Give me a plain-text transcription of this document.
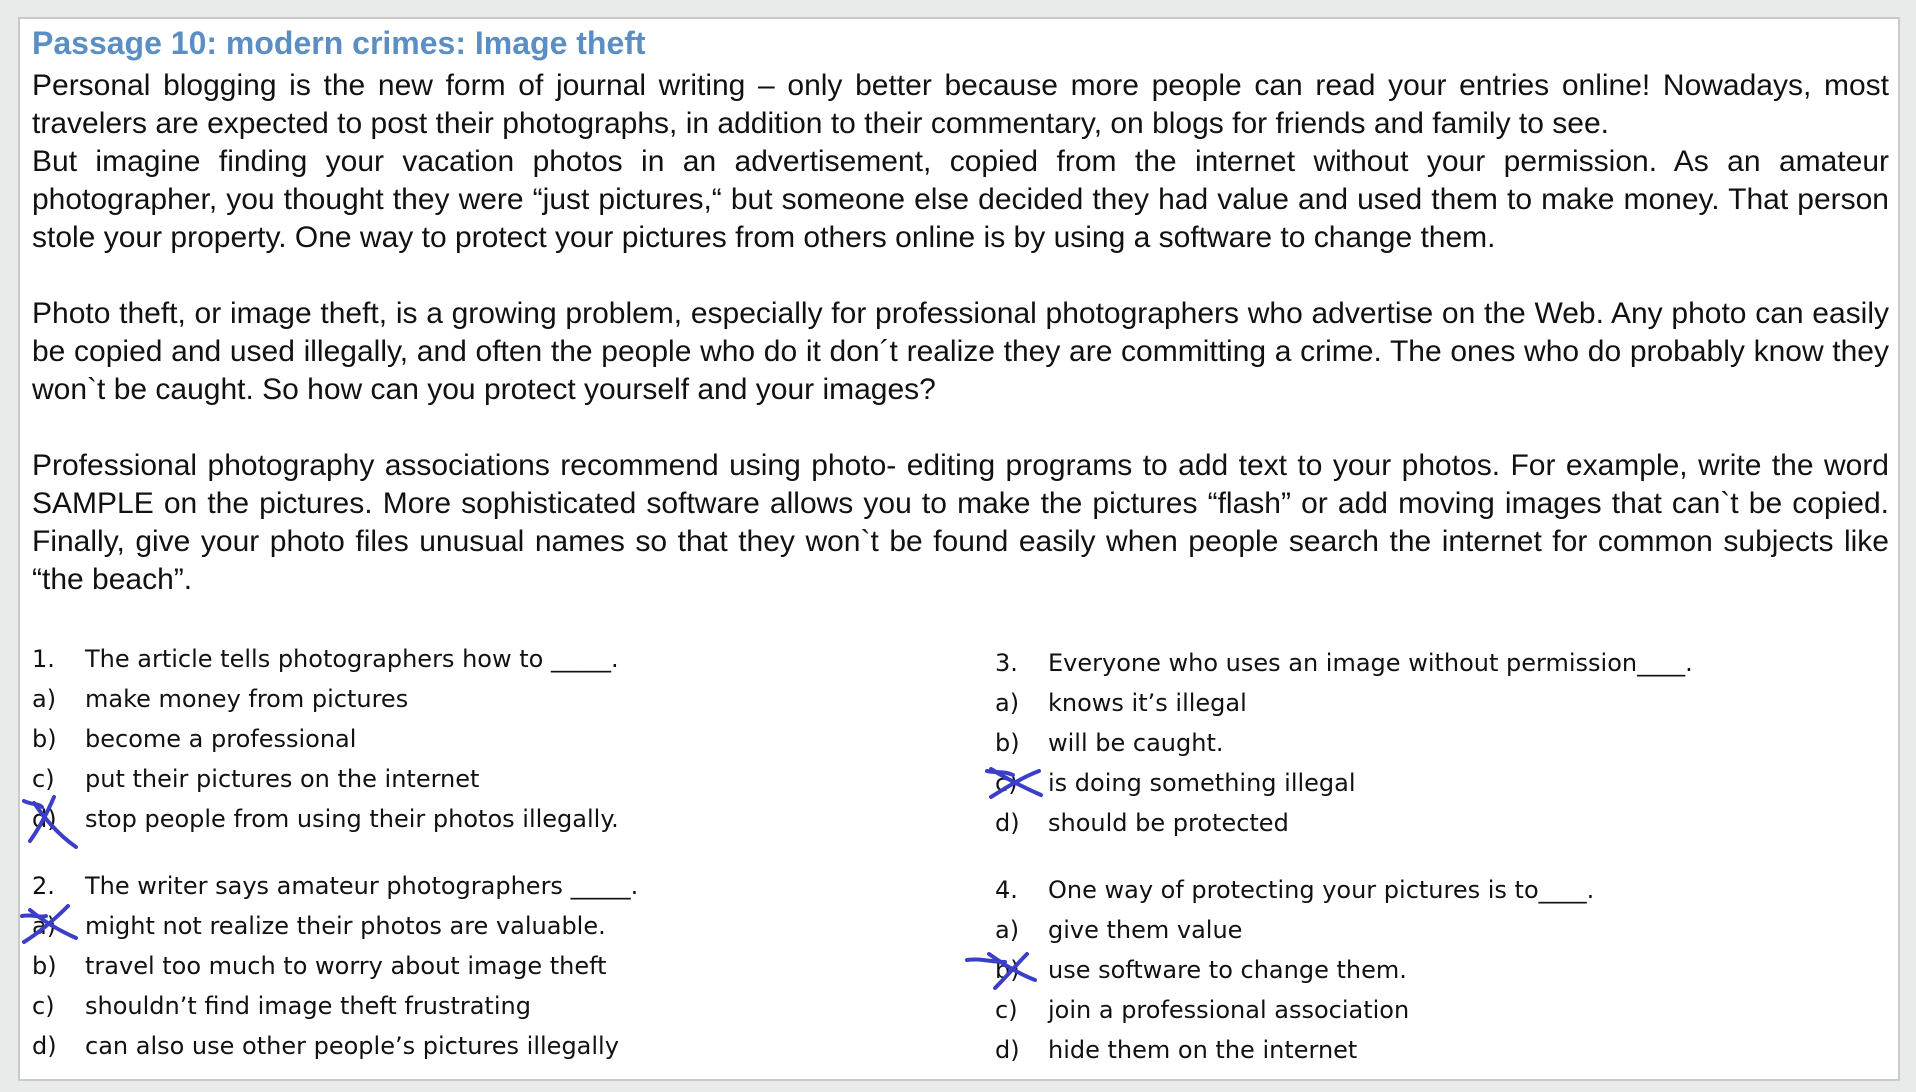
Passage 10: modern crimes: Image theft

Personal blogging is the new form of journal writing – only better because more people can read your entries online! Nowadays, most travelers are expected to post their photographs, in addition to their commentary, on blogs for friends and family to see.

But imagine finding your vacation photos in an advertisement, copied from the internet without your permission. As an amateur photographer, you thought they were “just pictures,“ but someone else decided they had value and used them to make money. That person stole your property. One way to protect your pictures from others online is by using a software to change them.

Photo theft, or image theft, is a growing problem, especially for professional photographers who advertise on the Web. Any photo can easily be copied and used illegally, and often the people who do it don´t realize they are committing a crime. The ones who do probably know they won`t be caught. So how can you protect yourself and your images?

Professional photography associations recommend using photo- editing programs to add text to your photos. For example, write the word SAMPLE on the pictures. More sophisticated software allows you to make the pictures “flash” or add moving images that can`t be copied. Finally, give your photo files unusual names so that they won`t be found easily when people search the internet for common subjects like “the beach”.

1. The article tells photographers how to _____.
a) make money from pictures
b) become a professional
c) put their pictures on the internet
d) stop people from using their photos illegally.
2. The writer says amateur photographers _____.
a) might not realize their photos are valuable.
b) travel too much to worry about image theft
c) shouldn’t find image theft frustrating
d) can also use other people’s pictures illegally
3. Everyone who uses an image without permission____.
a) knows it’s illegal
b) will be caught.
c) is doing something illegal
d) should be protected
4. One way of protecting your pictures is to____.
a) give them value
b) use software to change them.
c) join a professional association
d) hide them on the internet
